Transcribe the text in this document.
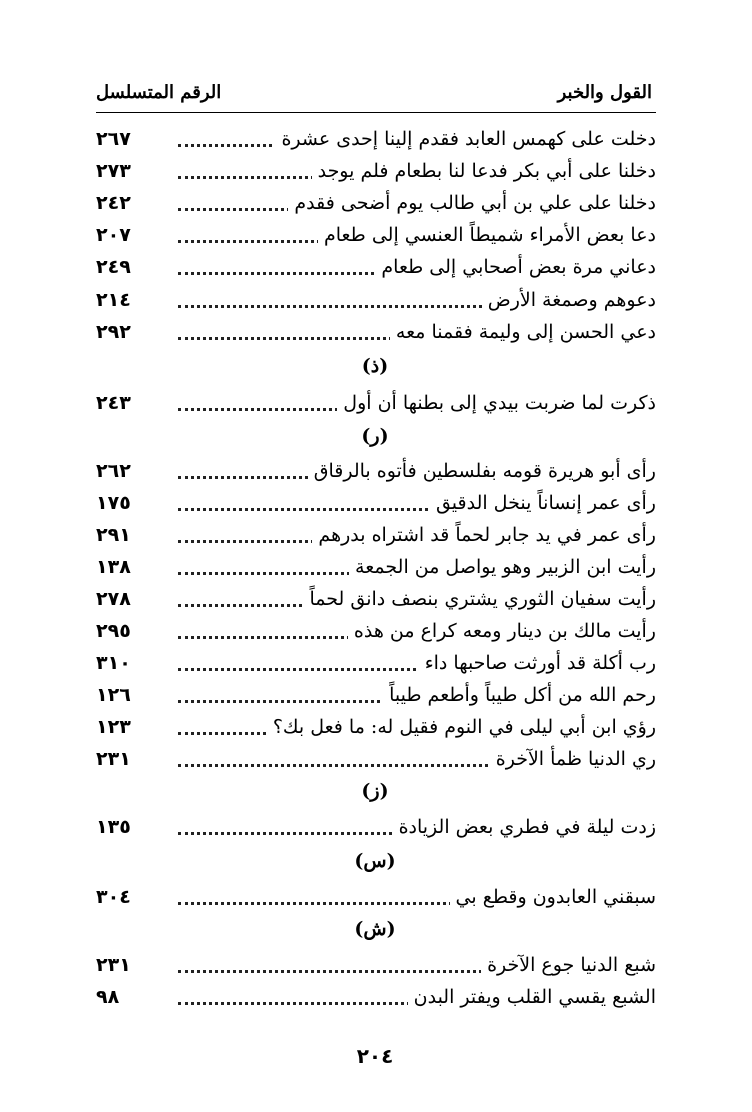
القول والخبر
الرقم المتسلسل
دخلت على كهمس العابد فقدم إلينا إحدى عشرة
٢٦٧
دخلنا على أبي بكر فدعا لنا بطعام فلم يوجد
٢٧٣
دخلنا على علي بن أبي طالب يوم أضحى فقدم
٢٤٢
دعا بعض الأمراء شميطاً العنسي إلى طعام
٢٠٧
دعاني مرة بعض أصحابي إلى طعام
٢٤٩
دعوهم وصمغة الأرض
٢١٤
دعي الحسن إلى وليمة فقمنا معه
٢٩٢
(ذ)
ذكرت لما ضربت بيدي إلى بطنها أن أول
٢٤٣
(ر)
رأى أبو هريرة قومه بفلسطين فأتوه بالرقاق
٢٦٢
رأى عمر إنساناً ينخل الدقيق
١٧٥
رأى عمر في يد جابر لحماً قد اشتراه بدرهم
٢٩١
رأيت ابن الزبير وهو يواصل من الجمعة
١٣٨
رأيت سفيان الثوري يشتري بنصف دانق لحماً
٢٧٨
رأيت مالك بن دينار ومعه كراع من هذه
٢٩٥
رب أكلة قد أورثت صاحبها داء
٣١٠
رحم الله من أكل طيباً وأطعم طيباً
١٢٦
رؤي ابن أبي ليلى في النوم فقيل له: ما فعل بك؟
١٢٣
ري الدنيا ظمأ الآخرة
٢٣١
(ز)
زدت ليلة في فطري بعض الزيادة
١٣٥
(س)
سبقني العابدون وقطع بي
٣٠٤
(ش)
شبع الدنيا جوع الآخرة
٢٣١
الشبع يقسي القلب ويفتر البدن
٩٨
٢٠٤
